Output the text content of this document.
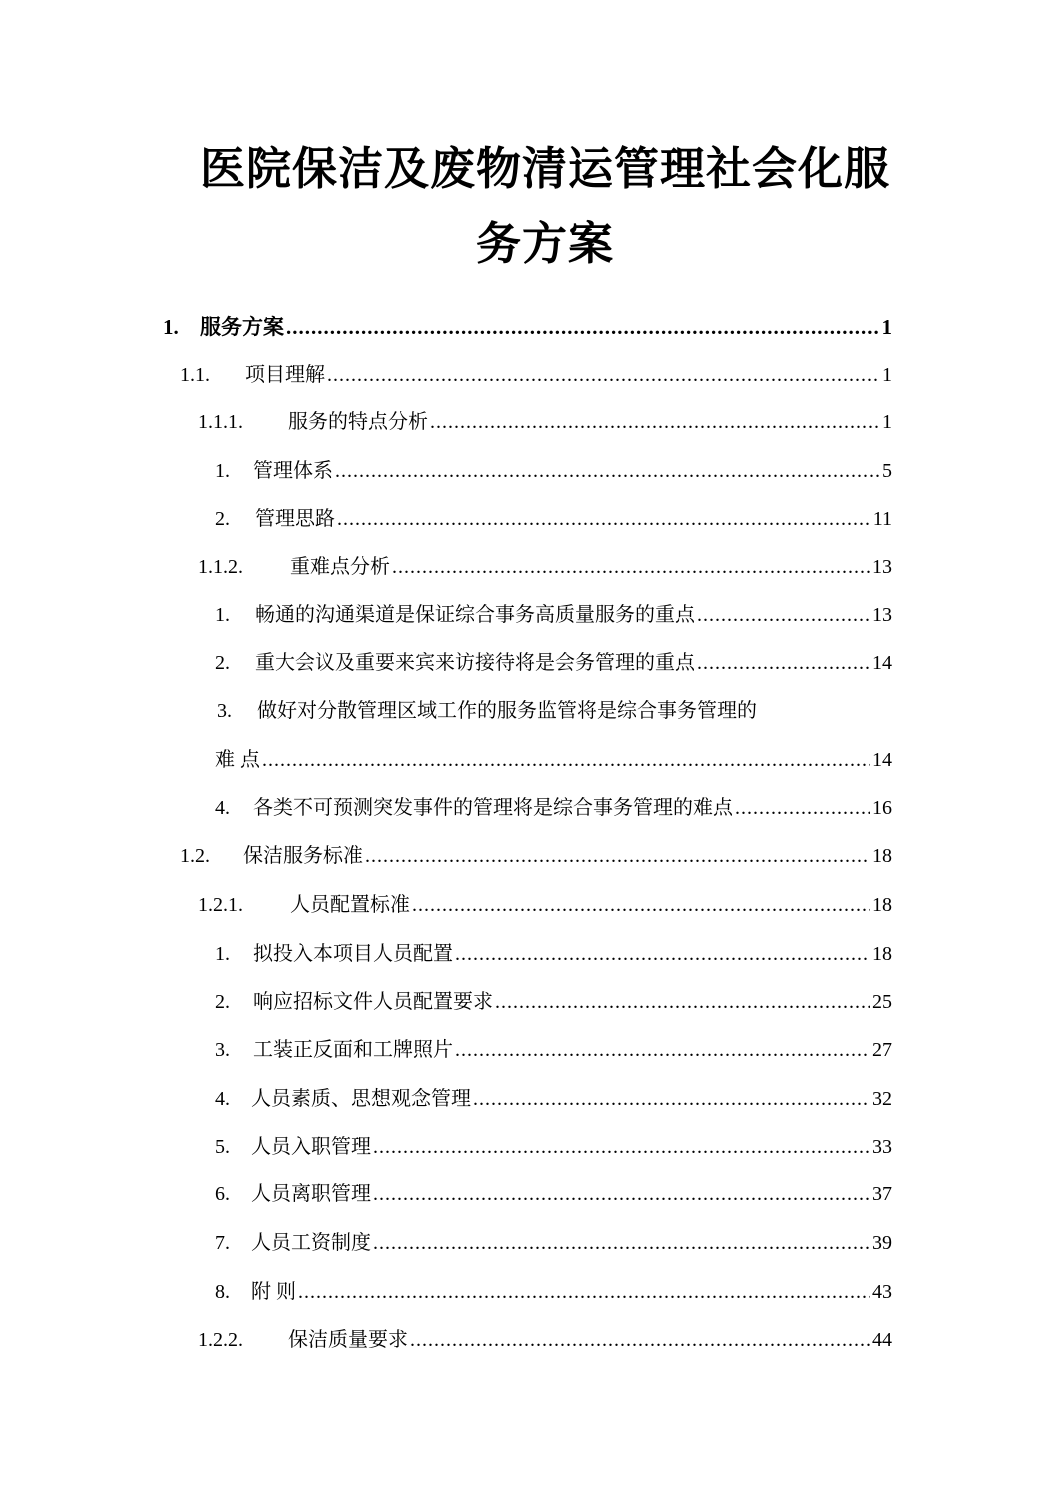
医院保洁及废物清运管理社会化服
务方案
1.	服务方案 .....	1
1.1.	项目理解 .....	1
1.1.1.	服务的特点分析 .....	1
1.	管理体系 .....	5
2.	管理思路 .....	11
1.1.2.	重难点分析 .....	13
1.	畅通的沟通渠道是保证综合事务高质量服务的重点 .....	13
2.	重大会议及重要来宾来访接待将是会务管理的重点 .....	14
3.	做好对分散管理区域工作的服务监管将是综合事务管理的
难 点 .....	14
4.	各类不可预测突发事件的管理将是综合事务管理的难点 .....	16
1.2.	保洁服务标准 .....	18
1.2.1.	人员配置标准 .....	18
1.	拟投入本项目人员配置 .....	18
2.	响应招标文件人员配置要求 .....	25
3.	工装正反面和工牌照片 .....	27
4.	人员素质、思想观念管理 .....	32
5.	人员入职管理 .....	33
6.	人员离职管理 .....	37
7.	人员工资制度 .....	39
8.	附 则 .....	43
1.2.2.	保洁质量要求 .....	44
